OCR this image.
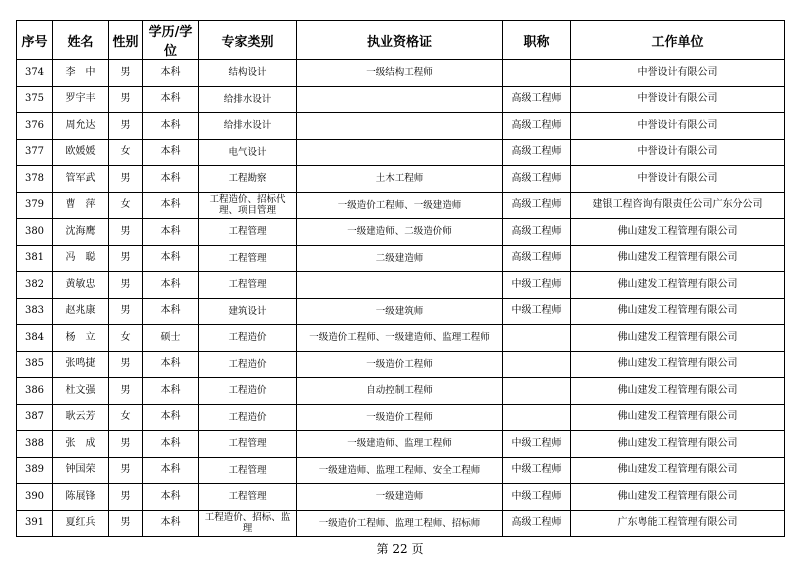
序号	姓名	性别	学历/学位	专家类别	执业资格证	职称	工作单位
374	李　中	男	本科	结构设计	一级结构工程师		中誉设计有限公司
375	罗宇丰	男	本科	给排水设计		高级工程师	中誉设计有限公司
376	周允达	男	本科	给排水设计		高级工程师	中誉设计有限公司
377	欧媛媛	女	本科	电气设计		高级工程师	中誉设计有限公司
378	管军武	男	本科	工程勘察	土木工程师	高级工程师	中誉设计有限公司
379	曹　萍	女	本科	工程造价、招标代理、项目管理	一级造价工程师、一级建造师	高级工程师	建银工程咨询有限责任公司广东分公司
380	沈海鹰	男	本科	工程管理	一级建造师、二级造价师	高级工程师	佛山建发工程管理有限公司
381	冯　聪	男	本科	工程管理	二级建造师	高级工程师	佛山建发工程管理有限公司
382	黄敏忠	男	本科	工程管理		中级工程师	佛山建发工程管理有限公司
383	赵兆康	男	本科	建筑设计	一级建筑师	中级工程师	佛山建发工程管理有限公司
384	杨　立	女	硕士	工程造价	一级造价工程师、一级建造师、监理工程师		佛山建发工程管理有限公司
385	张鸣捷	男	本科	工程造价	一级造价工程师		佛山建发工程管理有限公司
386	杜文强	男	本科	工程造价	自动控制工程师		佛山建发工程管理有限公司
387	耿云芳	女	本科	工程造价	一级造价工程师		佛山建发工程管理有限公司
388	张　成	男	本科	工程管理	一级建造师、监理工程师	中级工程师	佛山建发工程管理有限公司
389	钟国荣	男	本科	工程管理	一级建造师、监理工程师、安全工程师	中级工程师	佛山建发工程管理有限公司
390	陈展锋	男	本科	工程管理	一级建造师	中级工程师	佛山建发工程管理有限公司
391	夏红兵	男	本科	工程造价、招标、监理	一级造价工程师、监理工程师、招标师	高级工程师	广东粤能工程管理有限公司
第 22 页
